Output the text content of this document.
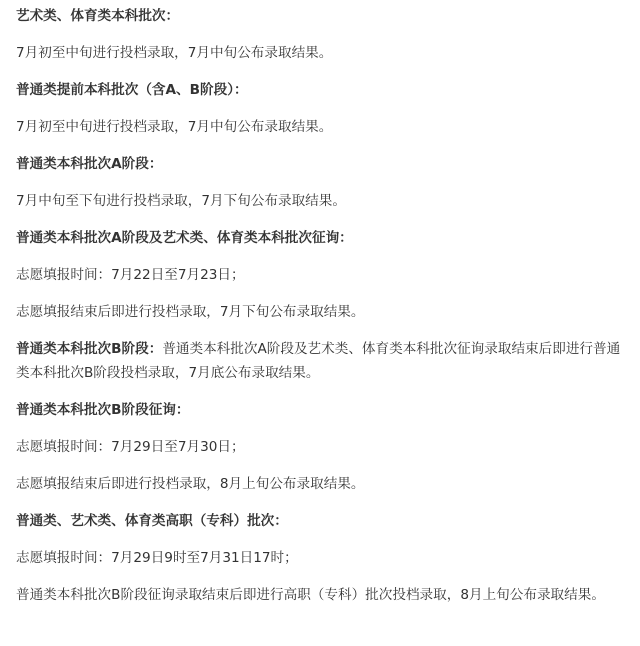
艺术类、体育类本科批次：

7月初至中旬进行投档录取，7月中旬公布录取结果。

普通类提前本科批次（含A、B阶段）：

7月初至中旬进行投档录取，7月中旬公布录取结果。

普通类本科批次A阶段：

7月中旬至下旬进行投档录取，7月下旬公布录取结果。

普通类本科批次A阶段及艺术类、体育类本科批次征询：

志愿填报时间：7月22日至7月23日；

志愿填报结束后即进行投档录取，7月下旬公布录取结果。

普通类本科批次B阶段：普通类本科批次A阶段及艺术类、体育类本科批次征询录取结束后即进行普通类本科批次B阶段投档录取，7月底公布录取结果。

普通类本科批次B阶段征询：

志愿填报时间：7月29日至7月30日；

志愿填报结束后即进行投档录取，8月上旬公布录取结果。

普通类、艺术类、体育类高职（专科）批次：

志愿填报时间：7月29日9时至7月31日17时；

普通类本科批次B阶段征询录取结束后即进行高职（专科）批次投档录取，8月上旬公布录取结果。
